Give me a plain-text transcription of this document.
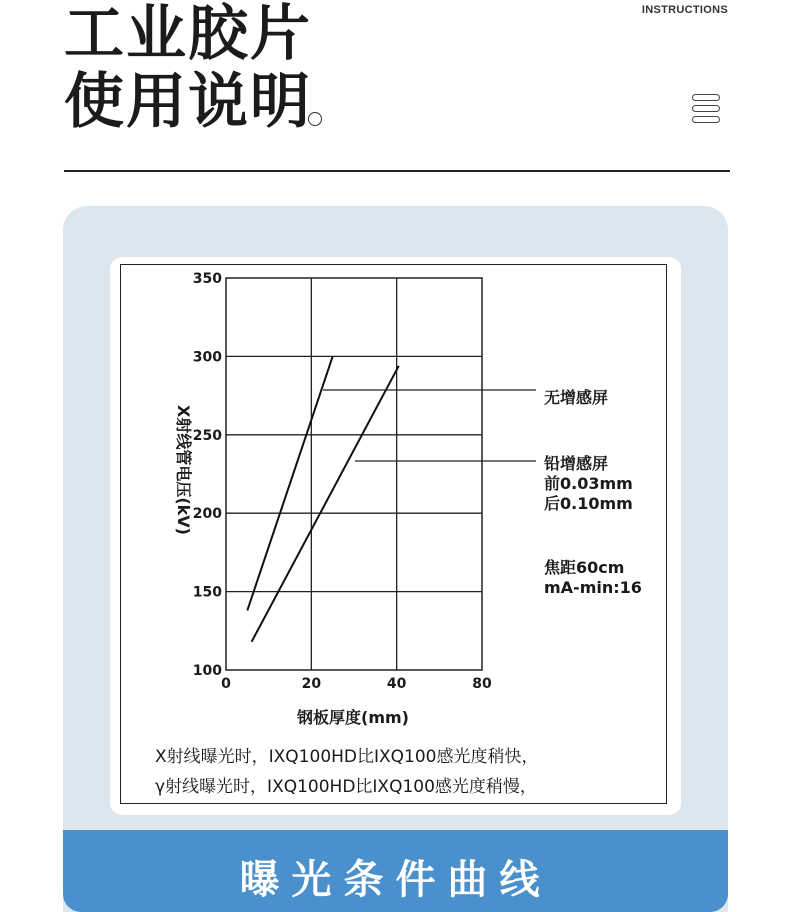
工业胶片
使用说明
INSTRUCTIONS
0	20	40	80
100
150
200
250
300
350
无增感屏
铅增感屏
前0.03mm
后0.10mm
焦距60cm
mA-min:16
钢板厚度(mm)
X射线管电压(kV)
X射线曝光时，IXQ100HD比IXQ100感光度稍快，
γ射线曝光时，IXQ100HD比IXQ100感光度稍慢，
曝光条件曲线
